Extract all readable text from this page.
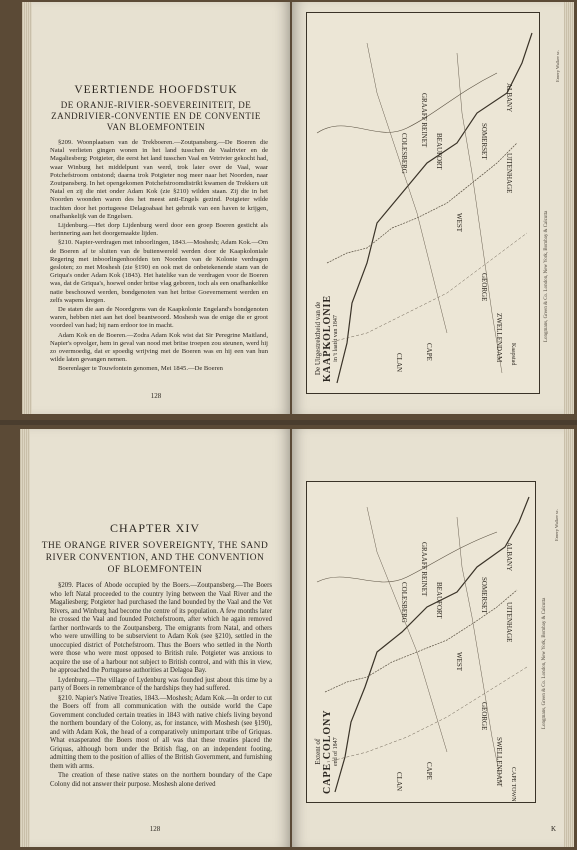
VEERTIENDE HOOFDSTUK
DE ORANJE-RIVIER-SOEVEREINITEIT, DE ZANDRIVIER-CONVENTIE EN DE CONVENTIE VAN BLOEMFONTEIN

§209. Woonplaatsen van de Trekboeren.—Zoutpansberg.—De Boeren die Natal verlieten gingen wonen in het land tusschen de Vaalrivier en de Magaliesberg; Potgieter, die eerst het land tusschen Vaal en Vetrivier gekocht had, waar Winburg het middelpunt van werd, trok later over de Vaal, waar Potchefstroom ontstond; daarna trok Potgieter nog meer naar het Noorden, naar Zoutpansberg. In het opengekomen Potchefstroomdistrikt kwamen de Trekkers uit Natal en zij die niet onder Adam Kok (zie §210) wilden staan. Zij die in het Noorden woonden waren des het meest anti-Engels gezind. Potgieter wilde trachten door het portugeese Delagoabaai het gebruik van een haven te krijgen, onafhankelijk van de Engelsen.

Lijdenburg.—Het dorp Lijdenburg werd door een groep Boeren gesticht als herinnering aan het doorgemaakte lijden.

§210. Napier-verdragen met inboorlingen, 1843.—Moshesh; Adam Kok.—Om de Boeren af te sluiten van de buitenwereld werden door de Kaapkoloniale Regering met inboorlingenhoofden ten Noorden van de Kolonie verdragen gesloten; zo met Moshesh (zie §190) en ook met de onbetekenende stam van de Griqua's onder Adam Kok (1843). Het hatelike van de verdragen voor de Boeren was, dat de Griqua's, hoewel onder britse vlag geboren, toch als een onafhankelike natie beschouwd werden, bondgenoten van het britse Goevernement werden en zelfs wapens kregen.

De staten die aan de Noordgrens van de Kaapkolonie Engeland's bondgenoten waren, hebben niet aan het doel beantwoord. Moshesh was de enige die er groot voordeel van had; hij nam erdoor toe in macht.

Adam Kok en de Boeren.—Zodra Adam Kok wist dat Sir Peregrine Maitland, Napier's opvolger, hem in geval van nood met britse troepen zou steunen, werd hij zo overmoedig, dat er spoedig wrijving met de Boeren was en hij een van hun wilde laten gevangen nemen.

Boerenlager te Touwfontein genomen, Mei 1845.—De Boeren

128
COLESBERG
WEST
BEAUFORT
GRAAFF REINET	SOMERSET
ALBANY
GEORGE
ZWELLENDAM
CAPE
CLAN
UITENHAGE
Kaapstad
De Uitgestrektheid van de KAAPKOLONIE in 't laatst van 1847	Longmans, Green & Co. London, New York, Bombay & Calcutta
Emery Walker sc.
CHAPTER XIV
THE ORANGE RIVER SOVEREIGNTY, THE SAND RIVER CONVENTION, AND THE CONVENTION OF BLOEMFONTEIN

§209. Places of Abode occupied by the Boers.—Zoutpansberg.—The Boers who left Natal proceeded to the country lying between the Vaal River and the Magaliesberg; Potgieter had purchased the land bounded by the Vaal and the Vet Rivers, and Winburg had become the centre of its population. A few months later he crossed the Vaal and founded Potchefstroom, after which he again removed farther northwards to the Zoutpansberg. The emigrants from Natal, and others who were unwilling to be subservient to Adam Kok (see §210), settled in the unoccupied district of Potchefstroom. Thus the Boers who settled in the North were those who were most opposed to British rule. Potgieter was anxious to acquire the use of a harbour not subject to British control, and with this in view, he approached the Portuguese authorities at Delagoa Bay.

Lydenburg.—The village of Lydenburg was founded just about this time by a party of Boers in remembrance of the hardships they had suffered.

§210. Napier's Native Treaties, 1843.—Moshesh; Adam Kok.—In order to cut the Boers off from all communication with the outside world the Cape Government concluded certain treaties in 1843 with native chiefs living beyond the northern boundary of the Colony, as, for instance, with Moshesh (see §190), and with Adam Kok, the head of a comparatively unimportant tribe of Griquas. What exasperated the Boers most of all was that these treaties placed the Griquas, although born under the British flag, on an independent footing, admitting them to the position of allies of the British Government, and furnishing them with arms.

The creation of these native states on the northern boundary of the Cape Colony did not answer their purpose. Moshesh alone derived

128
COLESBERG
WEST
BEAUFORT
GRAAFF REINET	SOMERSET
ALBANY
GEORGE
SWELLENDAM
CAPE
CLAN
UITENHAGE
CAPE TOWN
Extent of CAPE COLONY end of 1847
Longmans, Green & Co. London, New York, Bombay & Calcutta
Emery Walker sc.
K
